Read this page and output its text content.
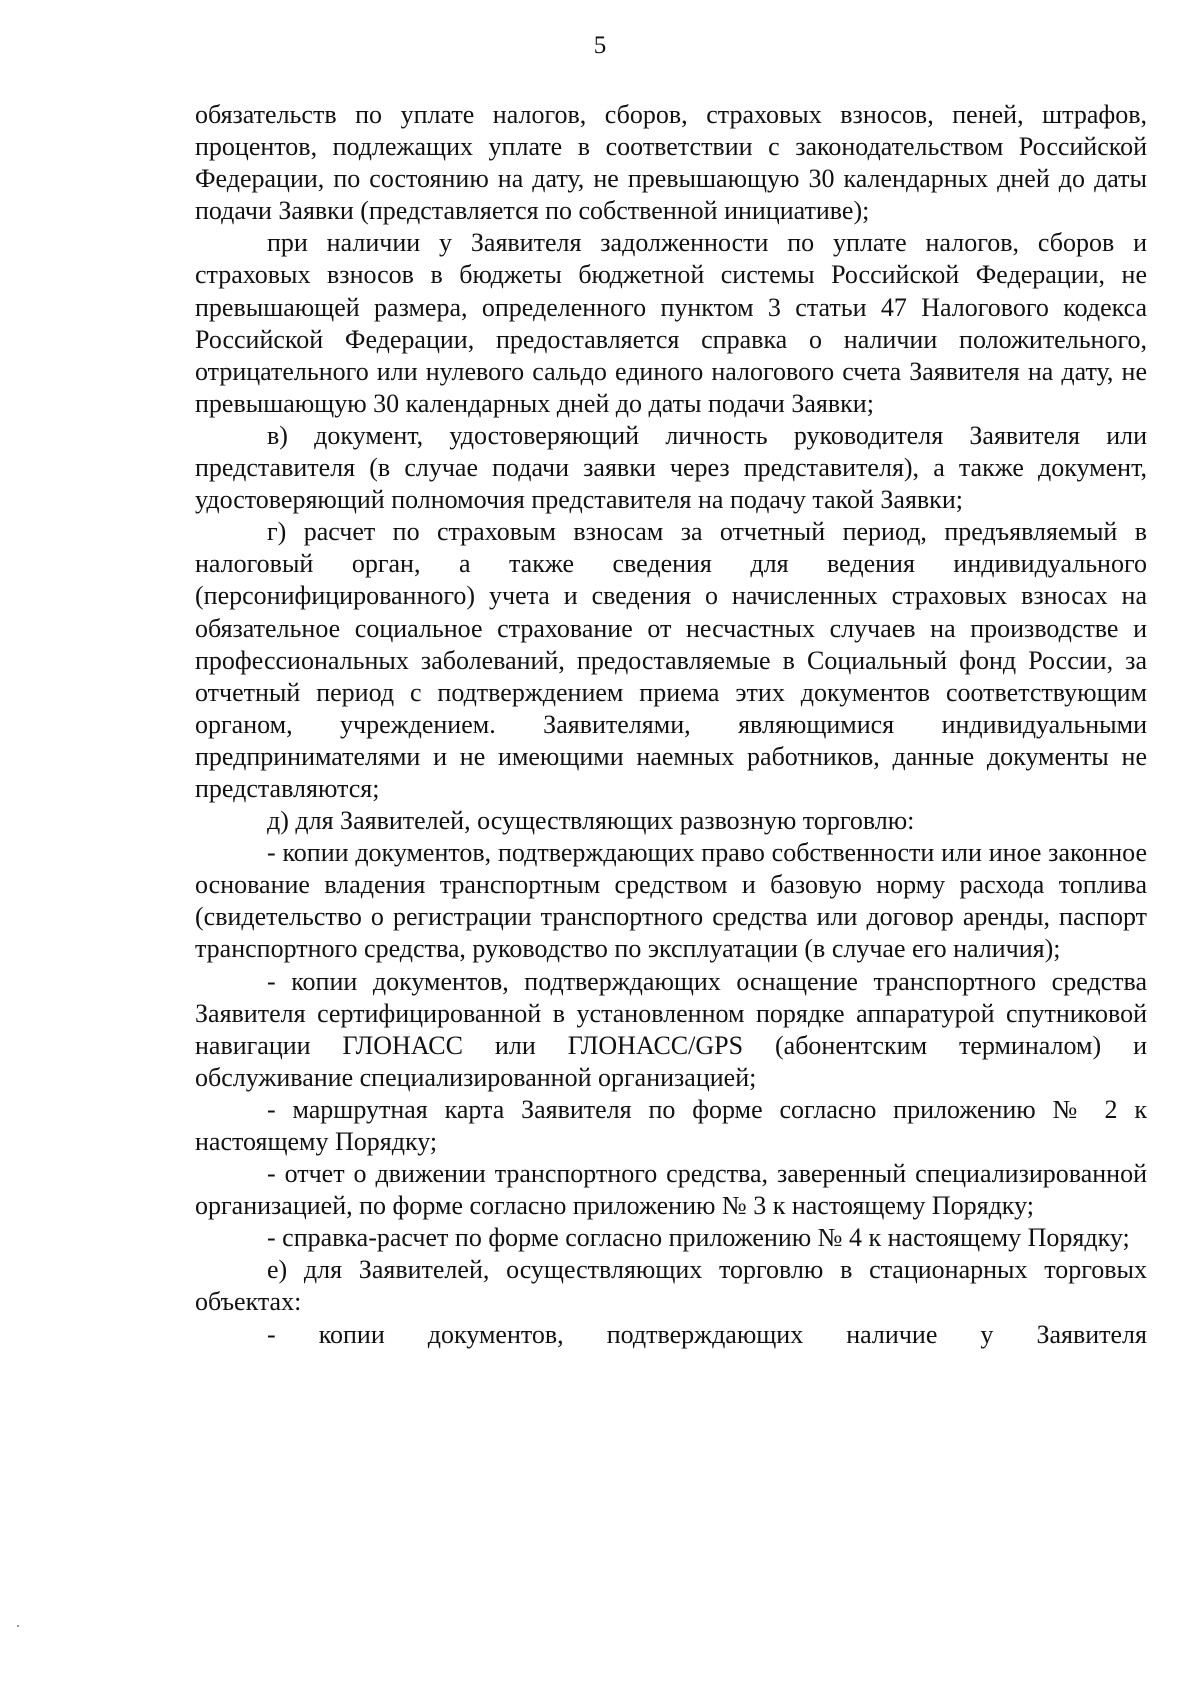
5

обязательств по уплате налогов, сборов, страховых взносов, пеней, штрафов, процентов, подлежащих уплате в соответствии с законодательством Российской Федерации, по состоянию на дату, не превышающую 30 календарных дней до даты подачи Заявки (представляется по собственной инициативе);

при наличии у Заявителя задолженности по уплате налогов, сборов и страховых взносов в бюджеты бюджетной системы Российской Федерации, не превышающей размера, определенного пунктом 3 статьи 47 Налогового кодекса Российской Федерации, предоставляется справка о наличии положительного, отрицательного или нулевого сальдо единого налогового счета Заявителя на дату, не превышающую 30 календарных дней до даты подачи Заявки;

в) документ, удостоверяющий личность руководителя Заявителя или представителя (в случае подачи заявки через представителя), а также документ, удостоверяющий полномочия представителя на подачу такой Заявки;

г) расчет по страховым взносам за отчетный период, предъявляемый в налоговый орган, а также сведения для ведения индивидуального (персонифицированного) учета и сведения о начисленных страховых взносах на обязательное социальное страхование от несчастных случаев на производстве и профессиональных заболеваний, предоставляемые в Социальный фонд России, за отчетный период с подтверждением приема этих документов соответствующим органом, учреждением. Заявителями, являющимися индивидуальными предпринимателями и не имеющими наемных работников, данные документы не представляются;

д) для Заявителей, осуществляющих развозную торговлю:

- копии документов, подтверждающих право собственности или иное законное основание владения транспортным средством и базовую норму расхода топлива (свидетельство о регистрации транспортного средства или договор аренды, паспорт транспортного средства, руководство по эксплуатации (в случае его наличия);

- копии документов, подтверждающих оснащение транспортного средства Заявителя сертифицированной в установленном порядке аппаратурой спутниковой навигации ГЛОНАСС или ГЛОНАСС/GPS (абонентским терминалом) и обслуживание специализированной организацией;

- маршрутная карта Заявителя по форме согласно приложению № 2 к настоящему Порядку;

- отчет о движении транспортного средства, заверенный специализированной организацией, по форме согласно приложению № 3 к настоящему Порядку;

- справка-расчет по форме согласно приложению № 4 к настоящему Порядку;

е) для Заявителей, осуществляющих торговлю в стационарных торговых объектах:

- копии документов, подтверждающих наличие у Заявителя
